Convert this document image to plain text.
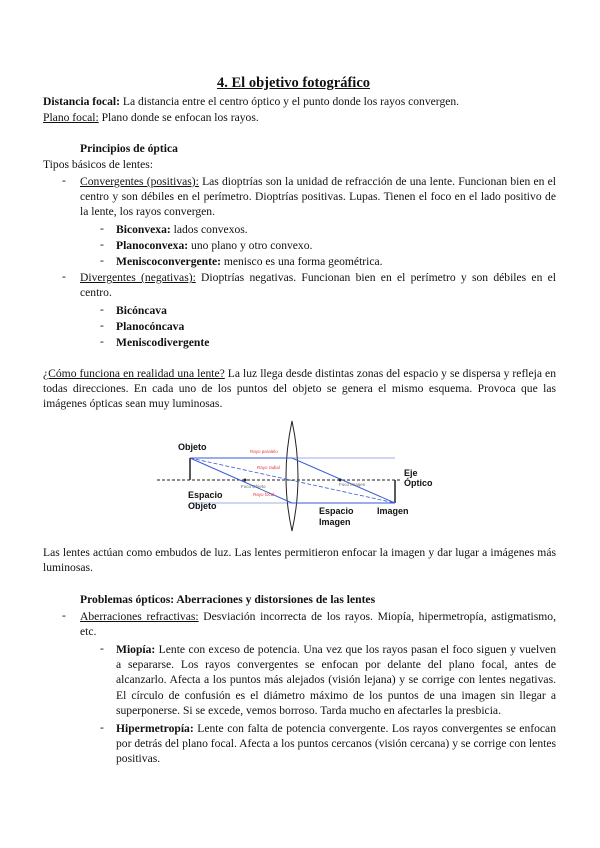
4. El objetivo fotográfico
Distancia focal: La distancia entre el centro óptico y el punto donde los rayos convergen.
Plano focal: Plano donde se enfocan los rayos.
Principios de óptica
Tipos básicos de lentes:
- Convergentes (positivas): Las dioptrías son la unidad de refracción de una lente. Funcionan bien en el centro y son débiles en el perímetro. Dioptrías positivas. Lupas. Tienen el foco en el lado positivo de la lente, los rayos convergen.
- Biconvexa: lados convexos.
- Planoconvexa: uno plano y otro convexo.
- Meniscoconvergente: menisco es una forma geométrica.
- Divergentes (negativas): Dioptrías negativas. Funcionan bien en el perímetro y son débiles en el centro.
- Bicóncava
- Planocóncava
- Meniscodivergente
¿Cómo funciona en realidad una lente? La luz llega desde distintas zonas del espacio y se dispersa y refleja en todas direcciones. En cada uno de los puntos del objeto se genera el mismo esquema. Provoca que las imágenes ópticas sean muy luminosas.
Objeto
Eje
Óptico
Espacio
Objeto	Espacio
Imagen
Imagen
Rayo paralelo
Rayo radial
Foco Objeto
Rayo focal
Foco Imagen
Las lentes actúan como embudos de luz. Las lentes permitieron enfocar la imagen y dar lugar a imágenes más luminosas.
Problemas ópticos: Aberraciones y distorsiones de las lentes
- Aberraciones refractivas: Desviación incorrecta de los rayos. Miopía, hipermetropía, astigmatismo, etc.
- Miopía: Lente con exceso de potencia. Una vez que los rayos pasan el foco siguen y vuelven a separarse. Los rayos convergentes se enfocan por delante del plano focal, antes de alcanzarlo. Afecta a los puntos más alejados (visión lejana) y se corrige con lentes negativas. El círculo de confusión es el diámetro máximo de los puntos de una imagen sin llegar a superponerse. Si se excede, vemos borroso. Tarda mucho en afectarles la presbicia.
- Hipermetropía: Lente con falta de potencia convergente. Los rayos convergentes se enfocan por detrás del plano focal. Afecta a los puntos cercanos (visión cercana) y se corrige con lentes positivas.
